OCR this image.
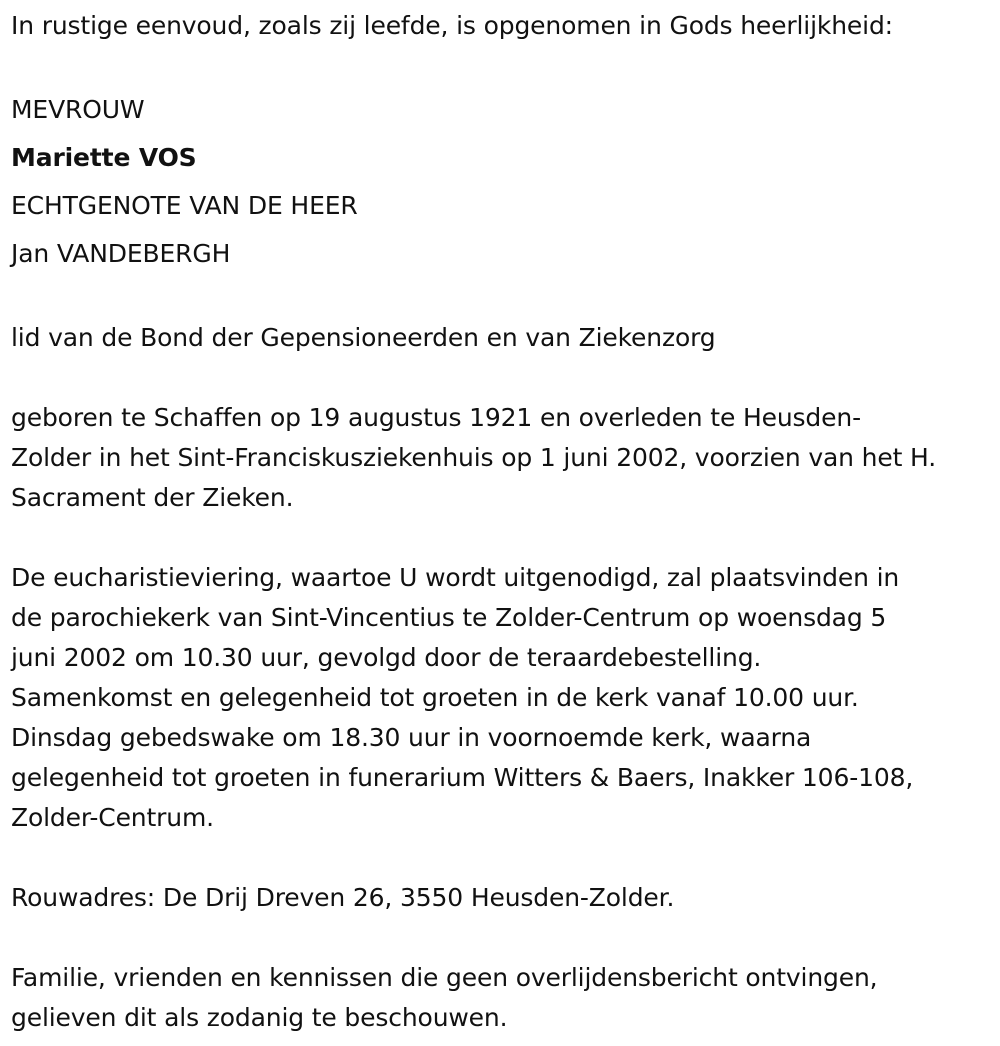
In rustige eenvoud, zoals zij leefde, is opgenomen in Gods heerlijkheid:
MEVROUW
Mariette VOS
ECHTGENOTE VAN DE HEER
Jan VANDEBERGH
lid van de Bond der Gepensioneerden en van Ziekenzorg
geboren te Schaffen op 19 augustus 1921 en overleden te Heusden-
Zolder in het Sint-Franciskusziekenhuis op 1 juni 2002, voorzien van het H.
Sacrament der Zieken.
De eucharistieviering, waartoe U wordt uitgenodigd, zal plaatsvinden in
de parochiekerk van Sint-Vincentius te Zolder-Centrum op woensdag 5
juni 2002 om 10.30 uur, gevolgd door de teraardebestelling.
Samenkomst en gelegenheid tot groeten in de kerk vanaf 10.00 uur.
Dinsdag gebedswake om 18.30 uur in voornoemde kerk, waarna
gelegenheid tot groeten in funerarium Witters & Baers, Inakker 106-108,
Zolder-Centrum.
Rouwadres: De Drij Dreven 26, 3550 Heusden-Zolder.
Familie, vrienden en kennissen die geen overlijdensbericht ontvingen,
gelieven dit als zodanig te beschouwen.
